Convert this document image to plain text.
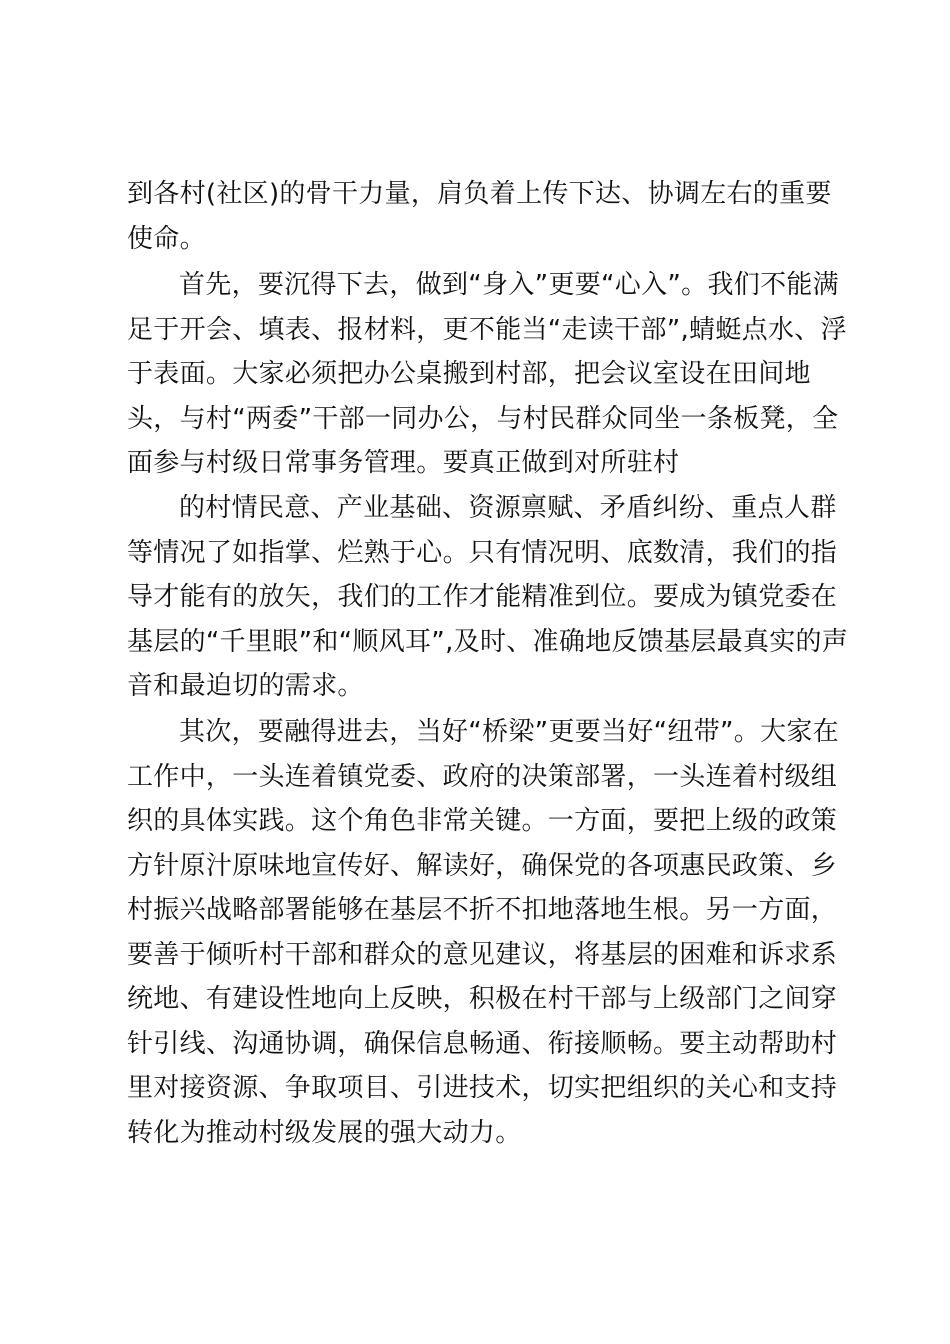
到各村(社区)的骨干力量，肩负着上传下达、协调左右的重要
使命。
首先，要沉得下去，做到“身入”更要“心入”。我们不能满
足于开会、填表、报材料，更不能当“走读干部”,蜻蜓点水、浮
于表面。大家必须把办公桌搬到村部，把会议室设在田间地
头，与村“两委”干部一同办公，与村民群众同坐一条板凳，全
面参与村级日常事务管理。要真正做到对所驻村
的村情民意、产业基础、资源禀赋、矛盾纠纷、重点人群
等情况了如指掌、烂熟于心。只有情况明、底数清，我们的指
导才能有的放矢，我们的工作才能精准到位。要成为镇党委在
基层的“千里眼”和“顺风耳”,及时、准确地反馈基层最真实的声
音和最迫切的需求。
其次，要融得进去，当好“桥梁”更要当好“纽带”。大家在
工作中，一头连着镇党委、政府的决策部署，一头连着村级组
织的具体实践。这个角色非常关键。一方面，要把上级的政策
方针原汁原味地宣传好、解读好，确保党的各项惠民政策、乡
村振兴战略部署能够在基层不折不扣地落地生根。另一方面，
要善于倾听村干部和群众的意见建议，将基层的困难和诉求系
统地、有建设性地向上反映，积极在村干部与上级部门之间穿
针引线、沟通协调，确保信息畅通、衔接顺畅。要主动帮助村
里对接资源、争取项目、引进技术，切实把组织的关心和支持
转化为推动村级发展的强大动力。
